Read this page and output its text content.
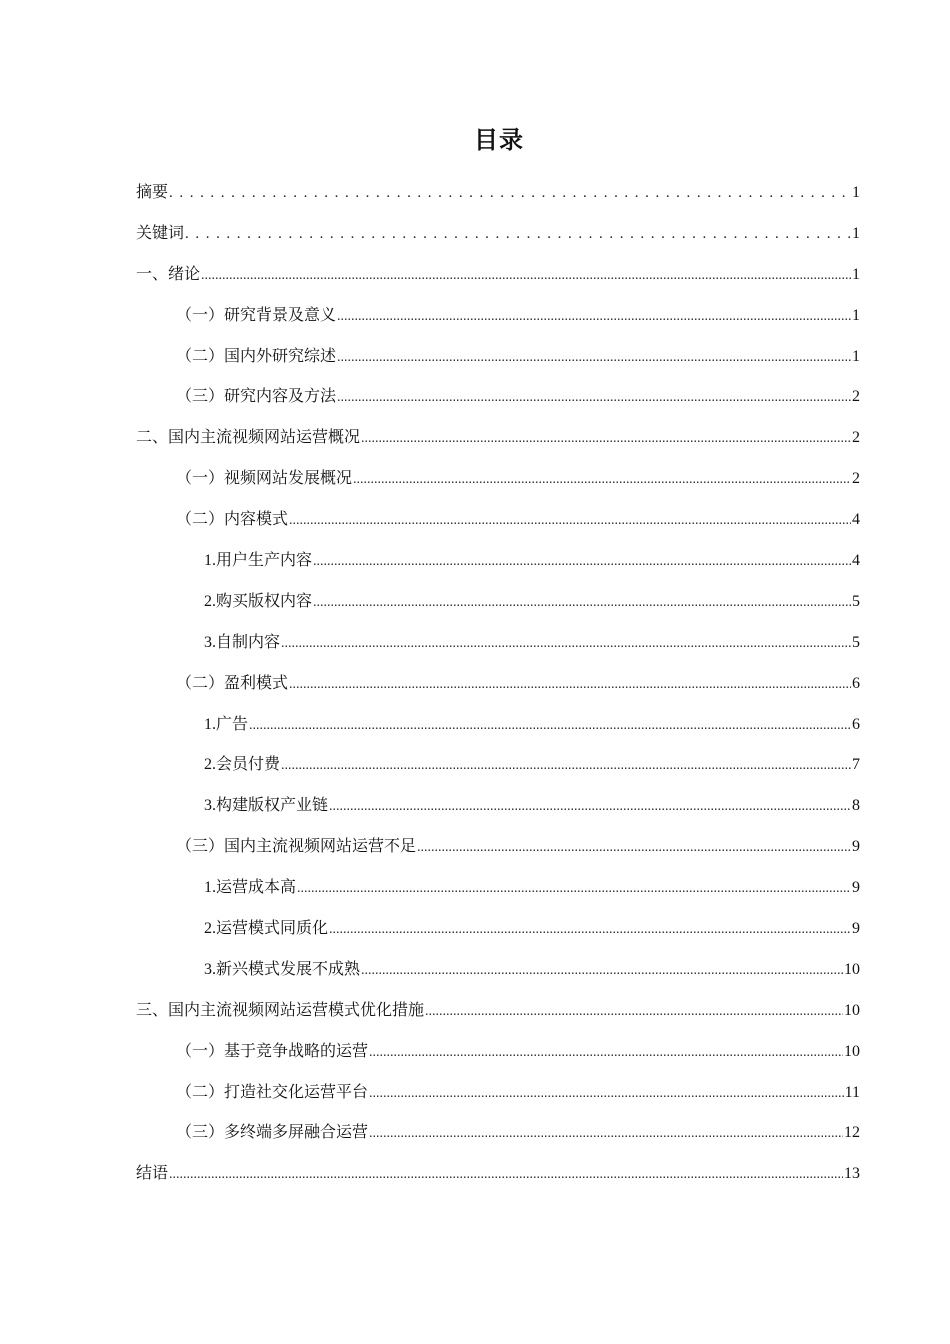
目录
摘要 .....	1
关键词 .....	1
一、绪论 .....	1
（一）研究背景及意义 .....	1
（二）国内外研究综述 .....	1
（三）研究内容及方法 .....	2
二、国内主流视频网站运营概况 .....	2
（一）视频网站发展概况 .....	2
（二）内容模式 .....	4
1.用户生产内容 .....	4
2.购买版权内容 .....	5
3.自制内容 .....	5
（二）盈利模式 .....	6
1.广告 .....	6
2.会员付费 .....	7
3.构建版权产业链 .....	8
（三）国内主流视频网站运营不足 .....	9
1.运营成本高 .....	9
2.运营模式同质化 .....	9
3.新兴模式发展不成熟 .....	10
三、国内主流视频网站运营模式优化措施 .....	10
（一）基于竞争战略的运营 .....	10
（二）打造社交化运营平台 .....	11
（三）多终端多屏融合运营 .....	12
结语 .....	13
